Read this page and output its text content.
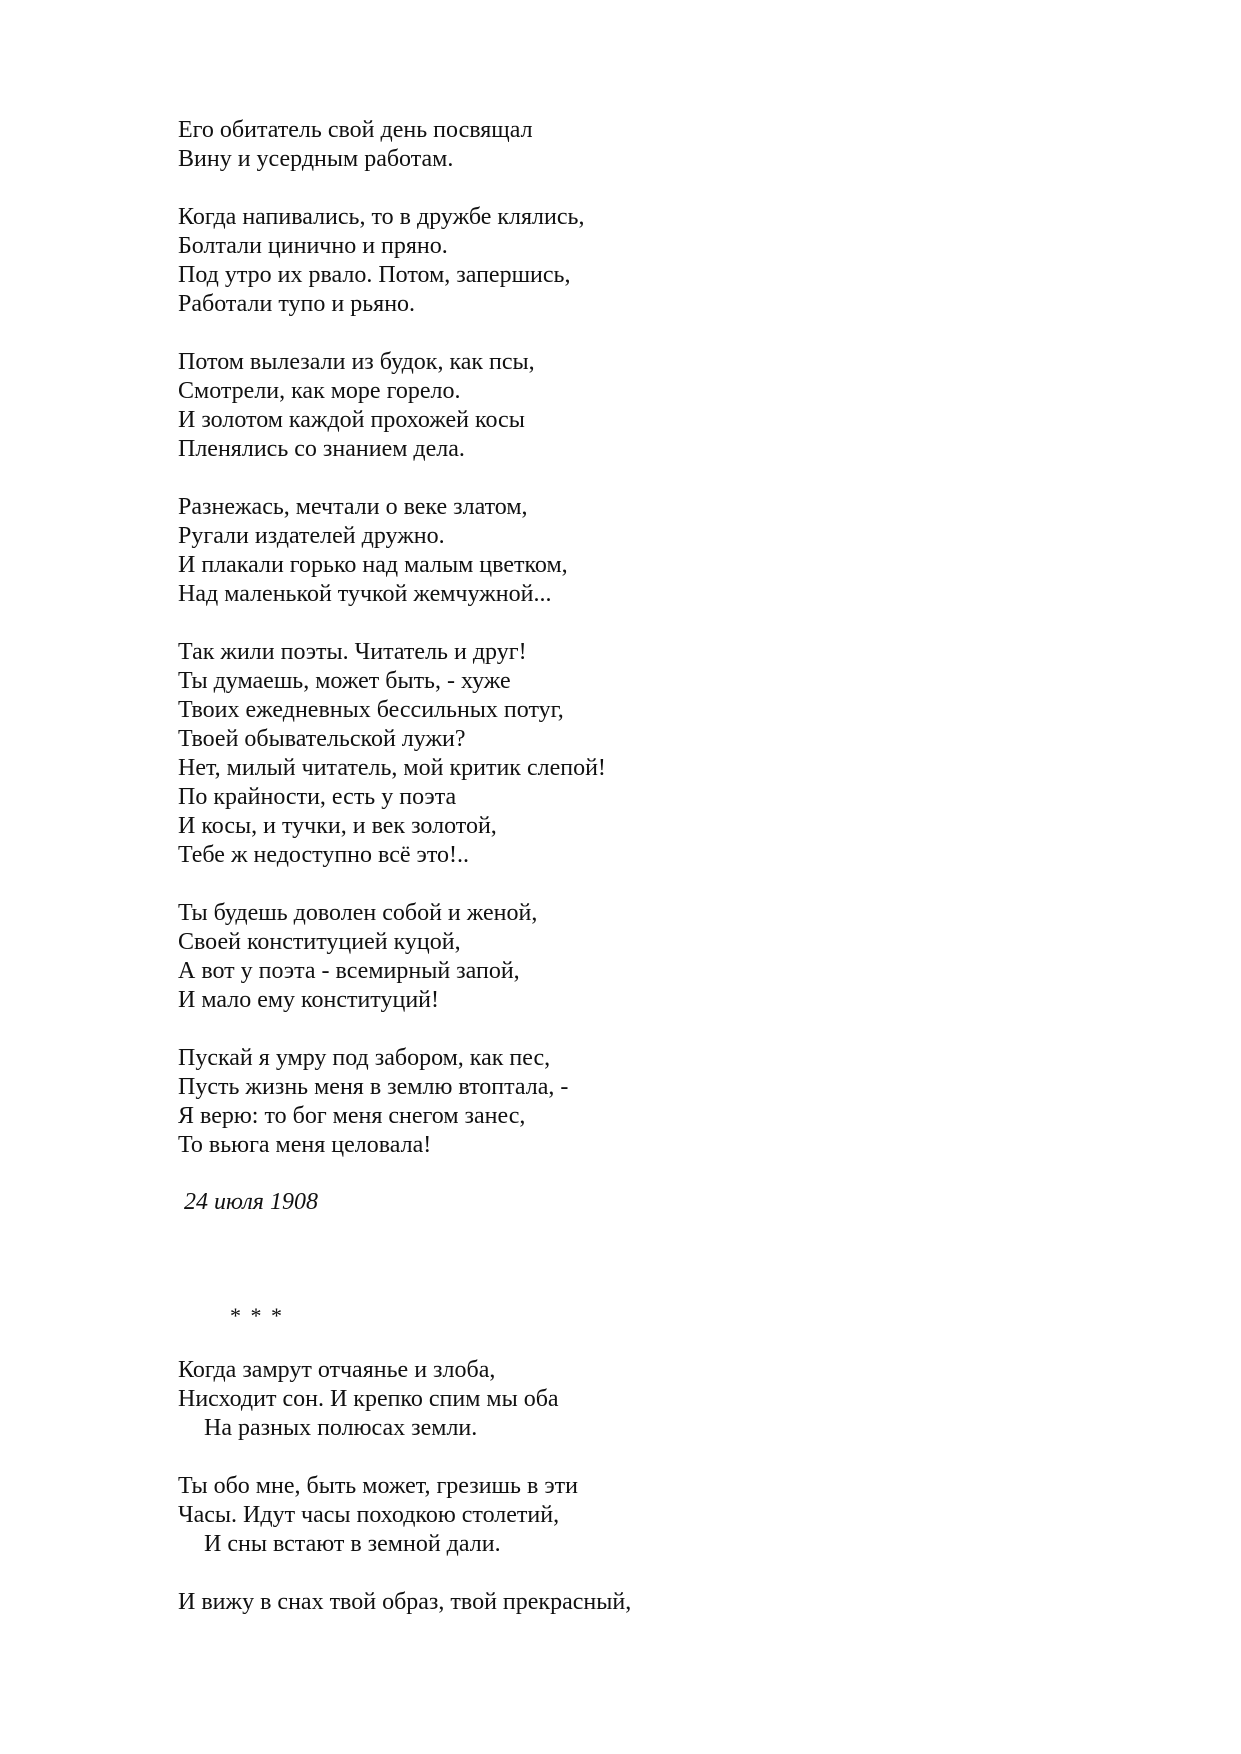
Его обитатель свой день посвящал
Вину и усердным работам.
Когда напивались, то в дружбе клялись,
Болтали цинично и пряно.
Под утро их рвало. Потом, запершись,
Работали тупо и рьяно.
Потом вылезали из будок, как псы,
Смотрели, как море горело.
И золотом каждой прохожей косы
Пленялись со знанием дела.
Разнежась, мечтали о веке златом,
Ругали издателей дружно.
И плакали горько над малым цветком,
Над маленькой тучкой жемчужной...
Так жили поэты. Читатель и друг!
Ты думаешь, может быть, - хуже
Твоих ежедневных бессильных потуг,
Твоей обывательской лужи?
Нет, милый читатель, мой критик слепой!
По крайности, есть у поэта
И косы, и тучки, и век золотой,
Тебе ж недоступно всё это!..
Ты будешь доволен собой и женой,
Своей конституцией куцой,
А вот у поэта - всемирный запой,
И мало ему конституций!
Пускай я умру под забором, как пес,
Пусть жизнь меня в землю втоптала, -
Я верю: то бог меня снегом занес,
То вьюга меня целовала!
24 июля 1908
* * *
Когда замрут отчаянье и злоба,
Нисходит сон. И крепко спим мы оба
На разных полюсах земли.
Ты обо мне, быть может, грезишь в эти
Часы. Идут часы походкою столетий,
И сны встают в земной дали.
И вижу в снах твой образ, твой прекрасный,
